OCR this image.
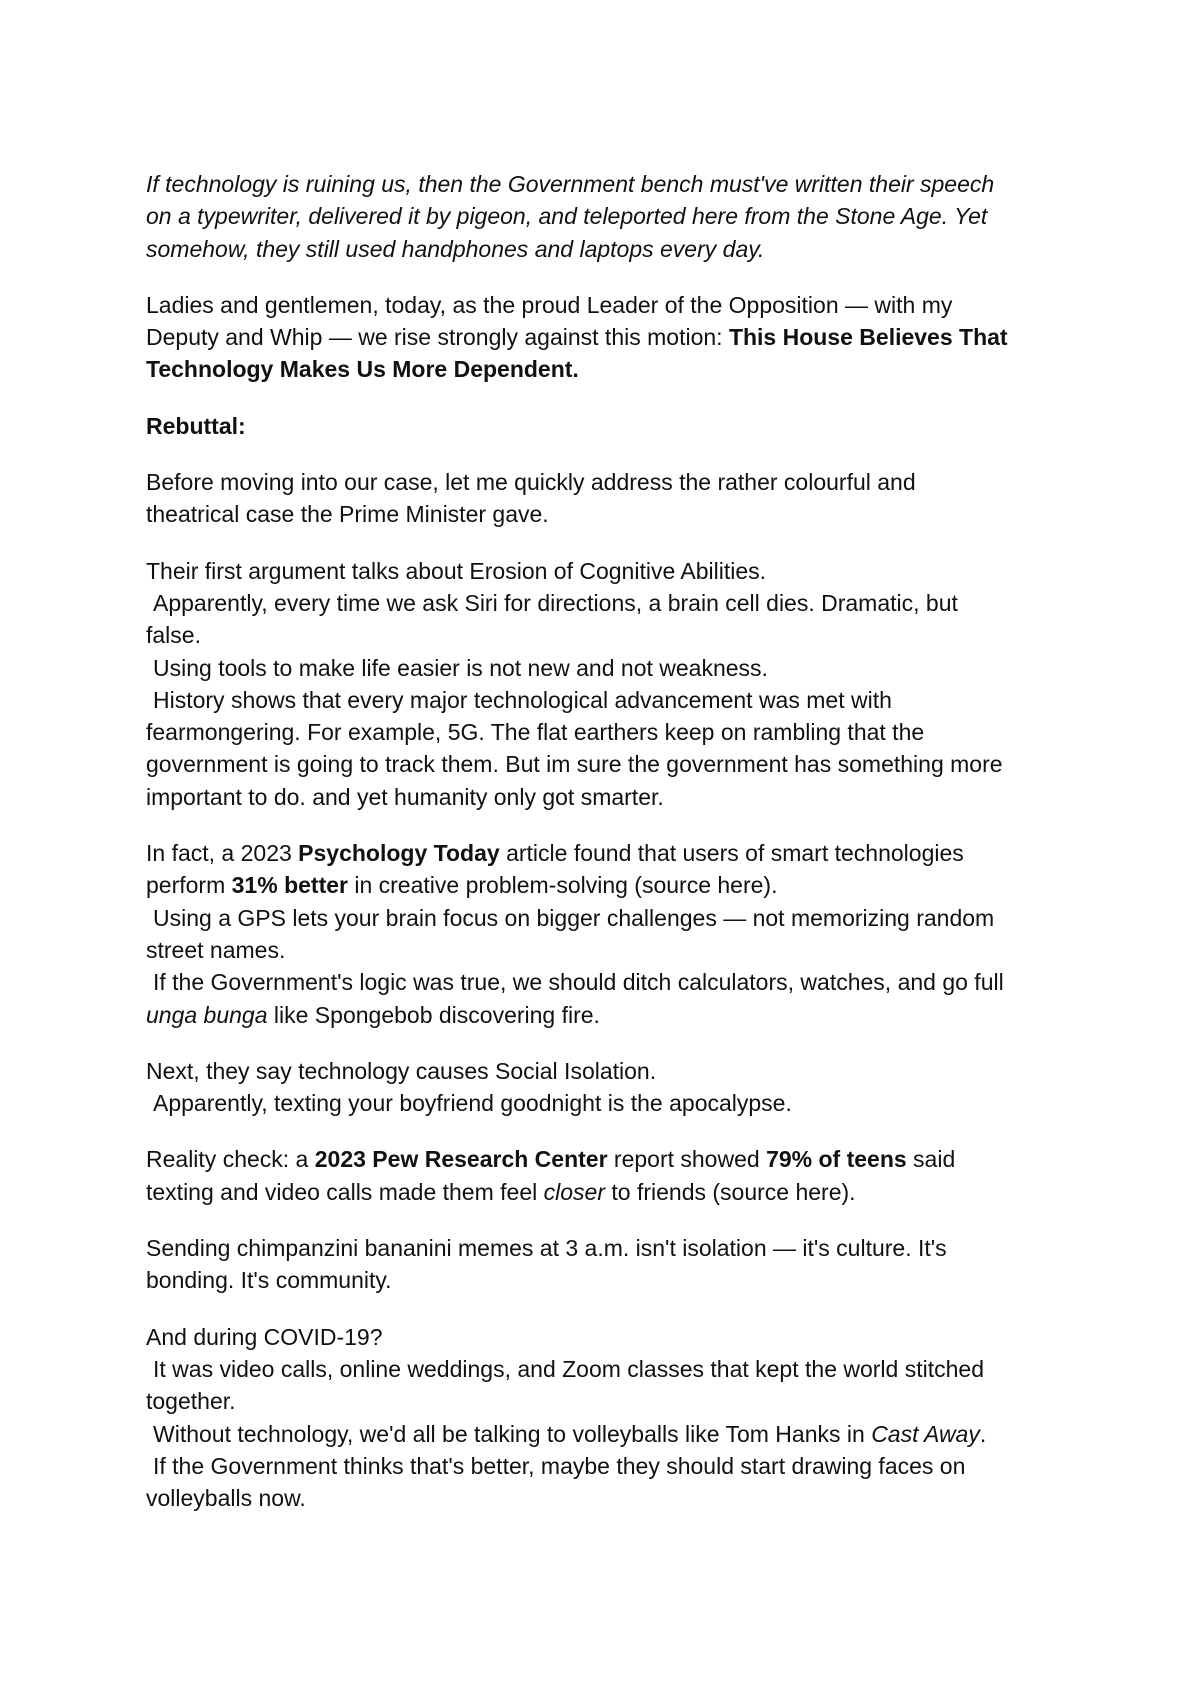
If technology is ruining us, then the Government bench must've written their speech
on a typewriter, delivered it by pigeon, and teleported here from the Stone Age. Yet
somehow, they still used handphones and laptops every day.

Ladies and gentlemen, today, as the proud Leader of the Opposition — with my
Deputy and Whip — we rise strongly against this motion: This House Believes That
Technology Makes Us More Dependent.

Rebuttal:

Before moving into our case, let me quickly address the rather colourful and
theatrical case the Prime Minister gave.

Their first argument talks about Erosion of Cognitive Abilities.
Apparently, every time we ask Siri for directions, a brain cell dies. Dramatic, but
false.
Using tools to make life easier is not new and not weakness.
History shows that every major technological advancement was met with
fearmongering. For example, 5G. The flat earthers keep on rambling that the
government is going to track them. But im sure the government has something more
important to do. and yet humanity only got smarter.

In fact, a 2023 Psychology Today article found that users of smart technologies
perform 31% better in creative problem-solving (source here).
Using a GPS lets your brain focus on bigger challenges — not memorizing random
street names.
If the Government's logic was true, we should ditch calculators, watches, and go full
unga bunga like Spongebob discovering fire.

Next, they say technology causes Social Isolation.
Apparently, texting your boyfriend goodnight is the apocalypse.

Reality check: a 2023 Pew Research Center report showed 79% of teens said
texting and video calls made them feel closer to friends (source here).

Sending chimpanzini bananini memes at 3 a.m. isn't isolation — it's culture. It's
bonding. It's community.

And during COVID-19?
It was video calls, online weddings, and Zoom classes that kept the world stitched
together.
Without technology, we'd all be talking to volleyballs like Tom Hanks in Cast Away.
If the Government thinks that's better, maybe they should start drawing faces on
volleyballs now.
